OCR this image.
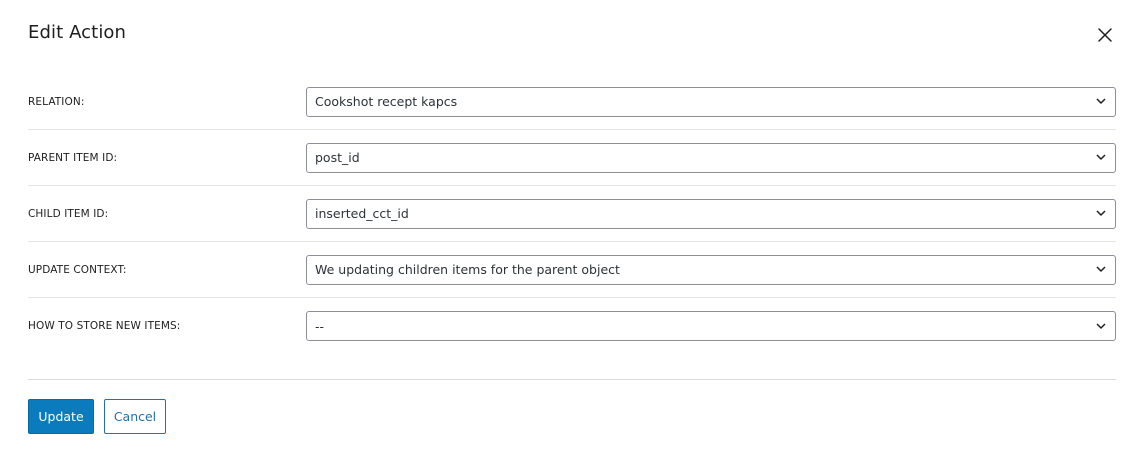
Edit Action
RELATION:	Cookshot recept kapcs
PARENT ITEM ID:	post_id
CHILD ITEM ID:	inserted_cct_id
UPDATE CONTEXT:	We updating children items for the parent object
HOW TO STORE NEW ITEMS:	--
Update	Cancel
